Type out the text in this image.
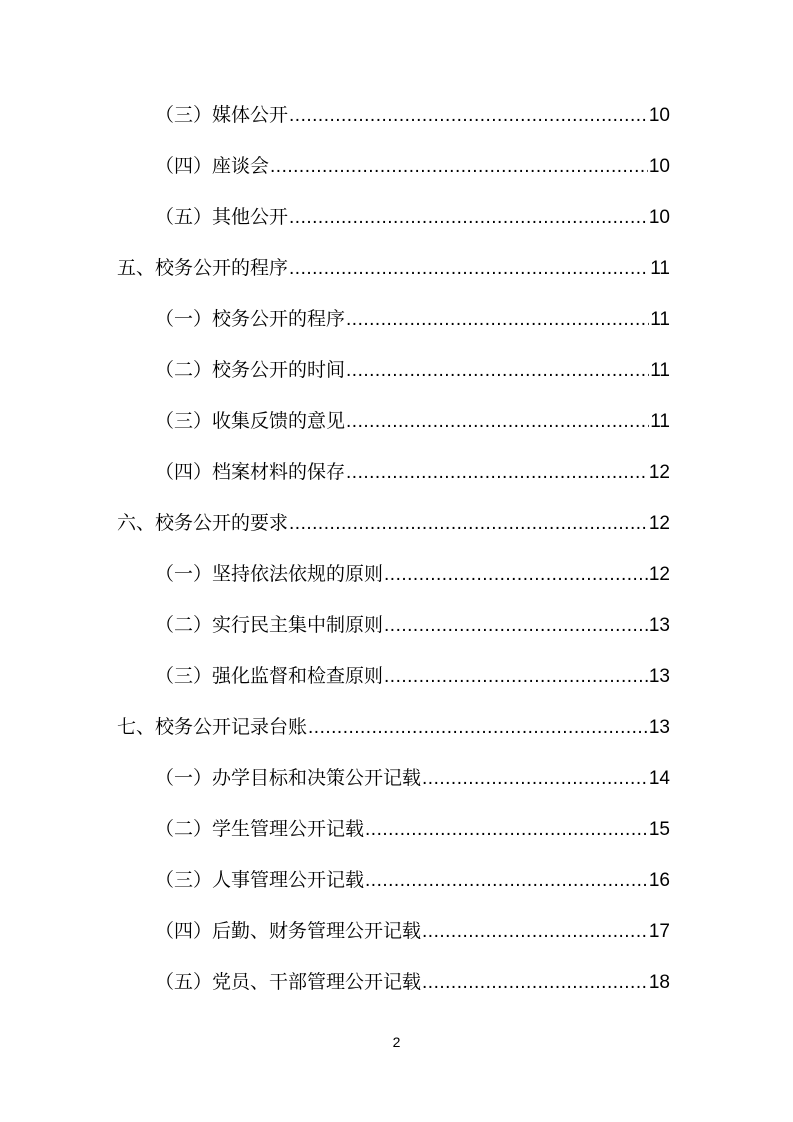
（三）媒体公开 .....	10
（四）座谈会 .....	10
（五）其他公开 .....	10
五、校务公开的程序 .....	11
（一）校务公开的程序 .....	11
（二）校务公开的时间 .....	11
（三）收集反馈的意见 .....	11
（四）档案材料的保存 .....	12
六、校务公开的要求 .....	12
（一）坚持依法依规的原则 .....	12
（二）实行民主集中制原则 .....	13
（三）强化监督和检查原则 .....	13
七、校务公开记录台账 .....	13
（一）办学目标和决策公开记载 .....	14
（二）学生管理公开记载 .....	15
（三）人事管理公开记载 .....	16
（四）后勤、财务管理公开记载 .....	17
（五）党员、干部管理公开记载 .....	18
2
